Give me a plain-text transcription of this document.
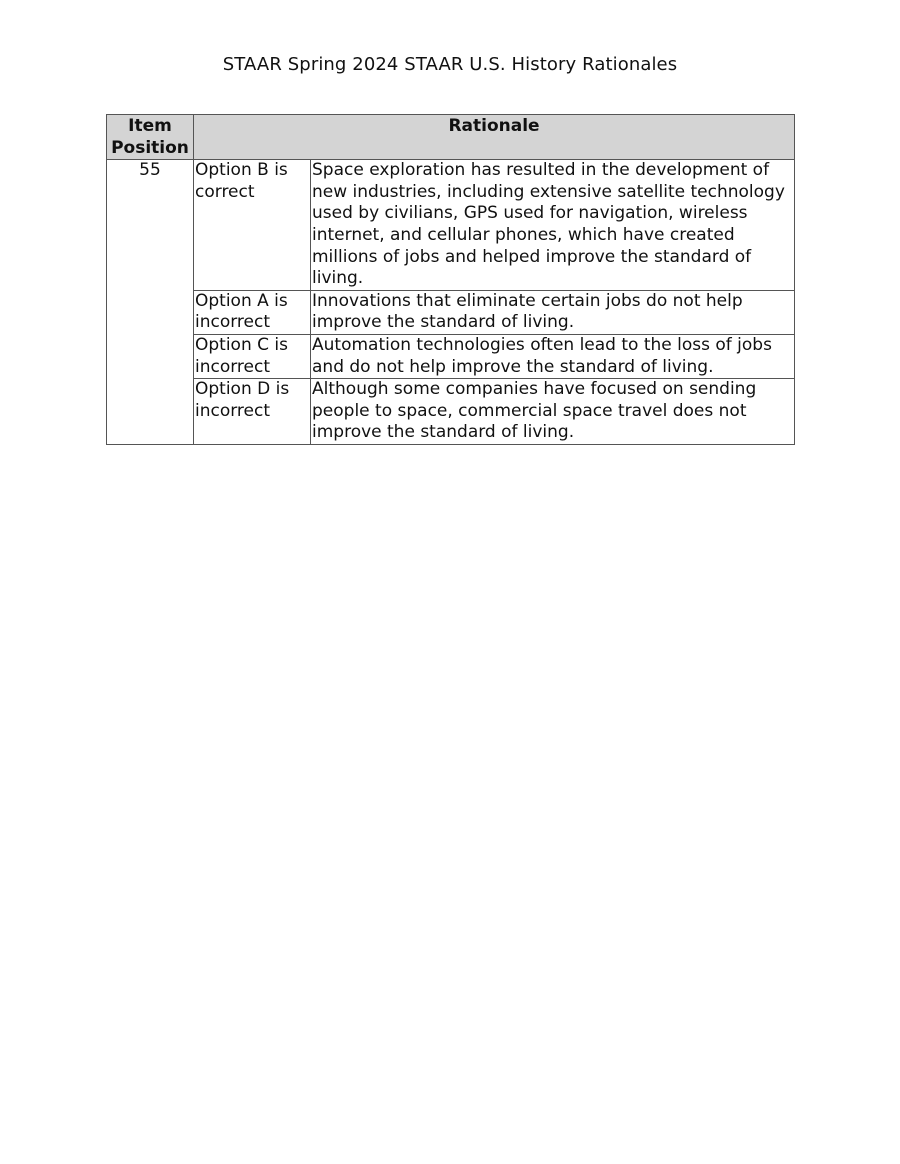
STAAR Spring 2024 STAAR U.S. History Rationales
Item
Position	Rationale	
55	Option B is correct	Space exploration has resulted in the development of new industries, including extensive satellite technology used by civilians, GPS used for navigation, wireless internet, and cellular phones, which have created millions of jobs and helped improve the standard of living.
	Option A is incorrect	Innovations that eliminate certain jobs do not help improve the standard of living.
	Option C is incorrect	Automation technologies often lead to the loss of jobs and do not help improve the standard of living.
	Option D is incorrect	Although some companies have focused on sending people to space, commercial space travel does not improve the standard of living.
